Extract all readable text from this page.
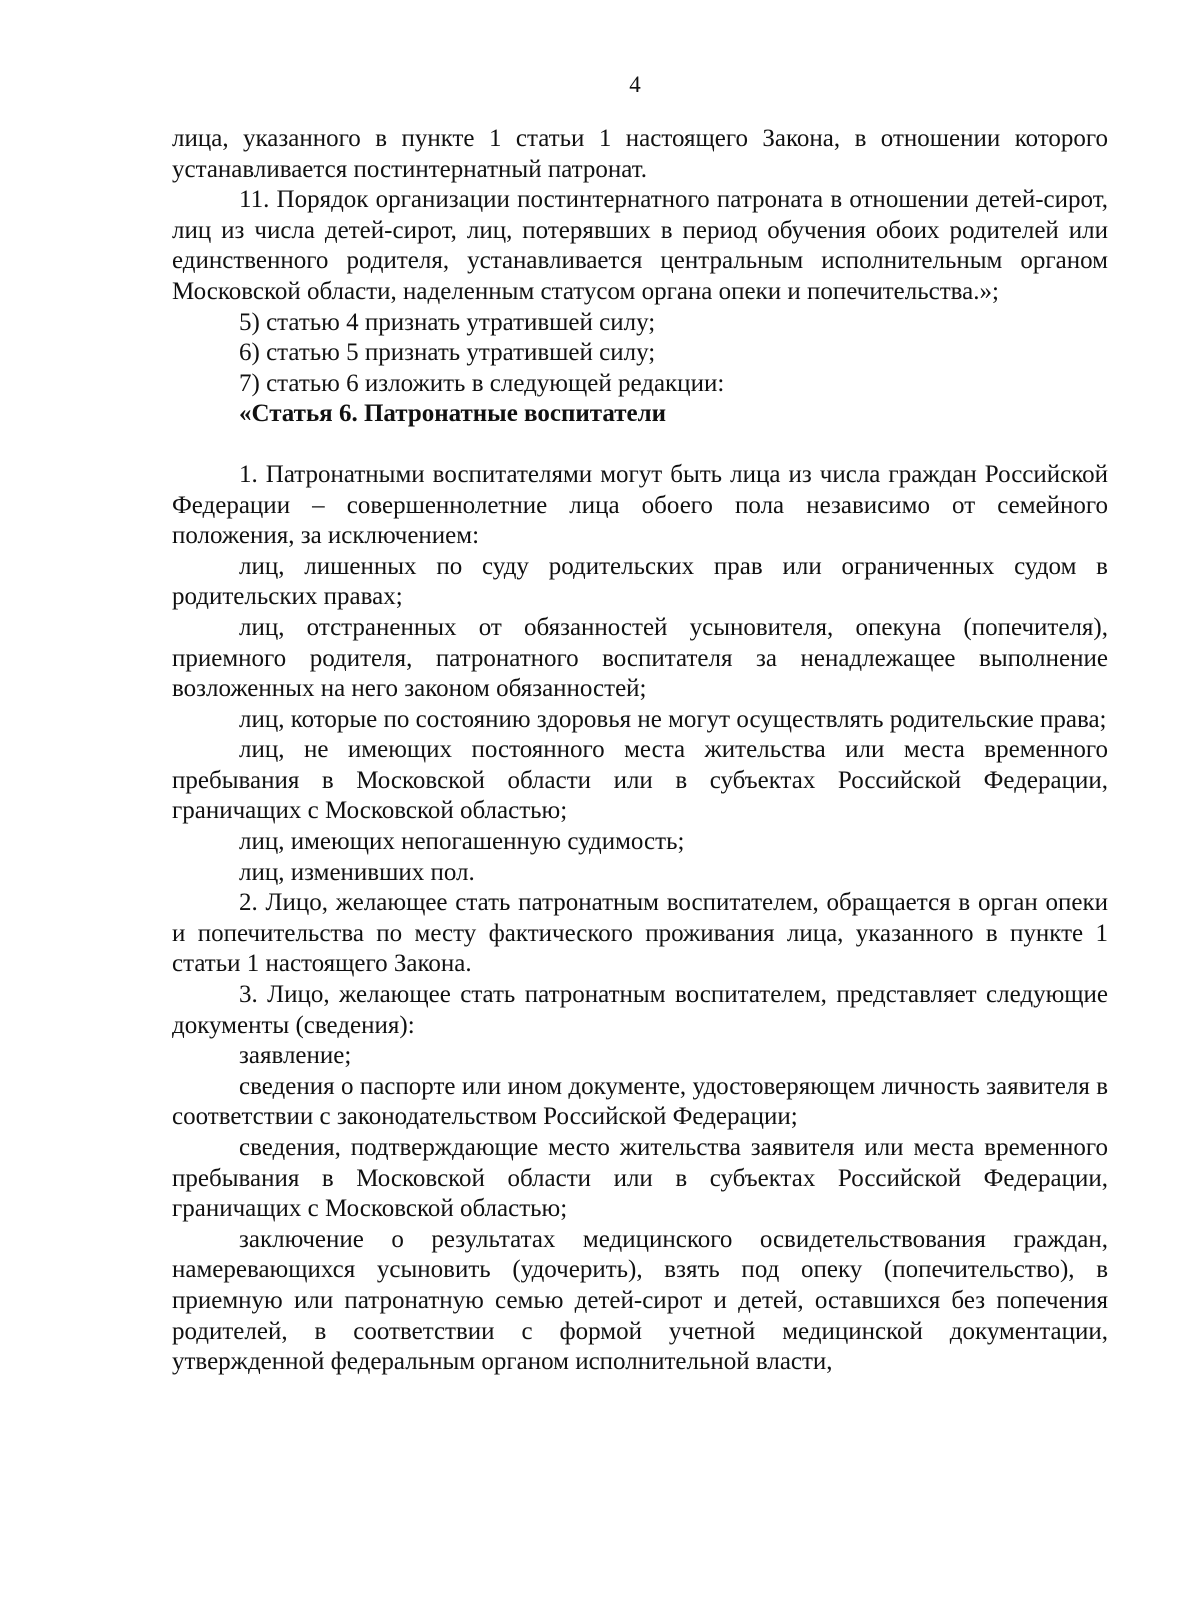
4

лица, указанного в пункте 1 статьи 1 настоящего Закона, в отношении которого устанавливается постинтернатный патронат.

11. Порядок организации постинтернатного патроната в отношении детей-сирот, лиц из числа детей-сирот, лиц, потерявших в период обучения обоих родителей или единственного родителя, устанавливается центральным исполнительным органом Московской области, наделенным статусом органа опеки и попечительства.»;

5) статью 4 признать утратившей силу;

6) статью 5 признать утратившей силу;

7) статью 6 изложить в следующей редакции:

«Статья 6. Патронатные воспитатели

1. Патронатными воспитателями могут быть лица из числа граждан Российской Федерации – совершеннолетние лица обоего пола независимо от семейного положения, за исключением:

лиц, лишенных по суду родительских прав или ограниченных судом в родительских правах;

лиц, отстраненных от обязанностей усыновителя, опекуна (попечителя), приемного родителя, патронатного воспитателя за ненадлежащее выполнение возложенных на него законом обязанностей;

лиц, которые по состоянию здоровья не могут осуществлять родительские права;

лиц, не имеющих постоянного места жительства или места временного пребывания в Московской области или в субъектах Российской Федерации, граничащих с Московской областью;

лиц, имеющих непогашенную судимость;

лиц, изменивших пол.

2. Лицо, желающее стать патронатным воспитателем, обращается в орган опеки и попечительства по месту фактического проживания лица, указанного в пункте 1 статьи 1 настоящего Закона.

3. Лицо, желающее стать патронатным воспитателем, представляет следующие документы (сведения):

заявление;

сведения о паспорте или ином документе, удостоверяющем личность заявителя в соответствии с законодательством Российской Федерации;

сведения, подтверждающие место жительства заявителя или места временного пребывания в Московской области или в субъектах Российской Федерации, граничащих с Московской областью;

заключение о результатах медицинского освидетельствования граждан, намеревающихся усыновить (удочерить), взять под опеку (попечительство), в приемную или патронатную семью детей-сирот и детей, оставшихся без попечения родителей, в соответствии с формой учетной медицинской документации, утвержденной федеральным органом исполнительной власти,
